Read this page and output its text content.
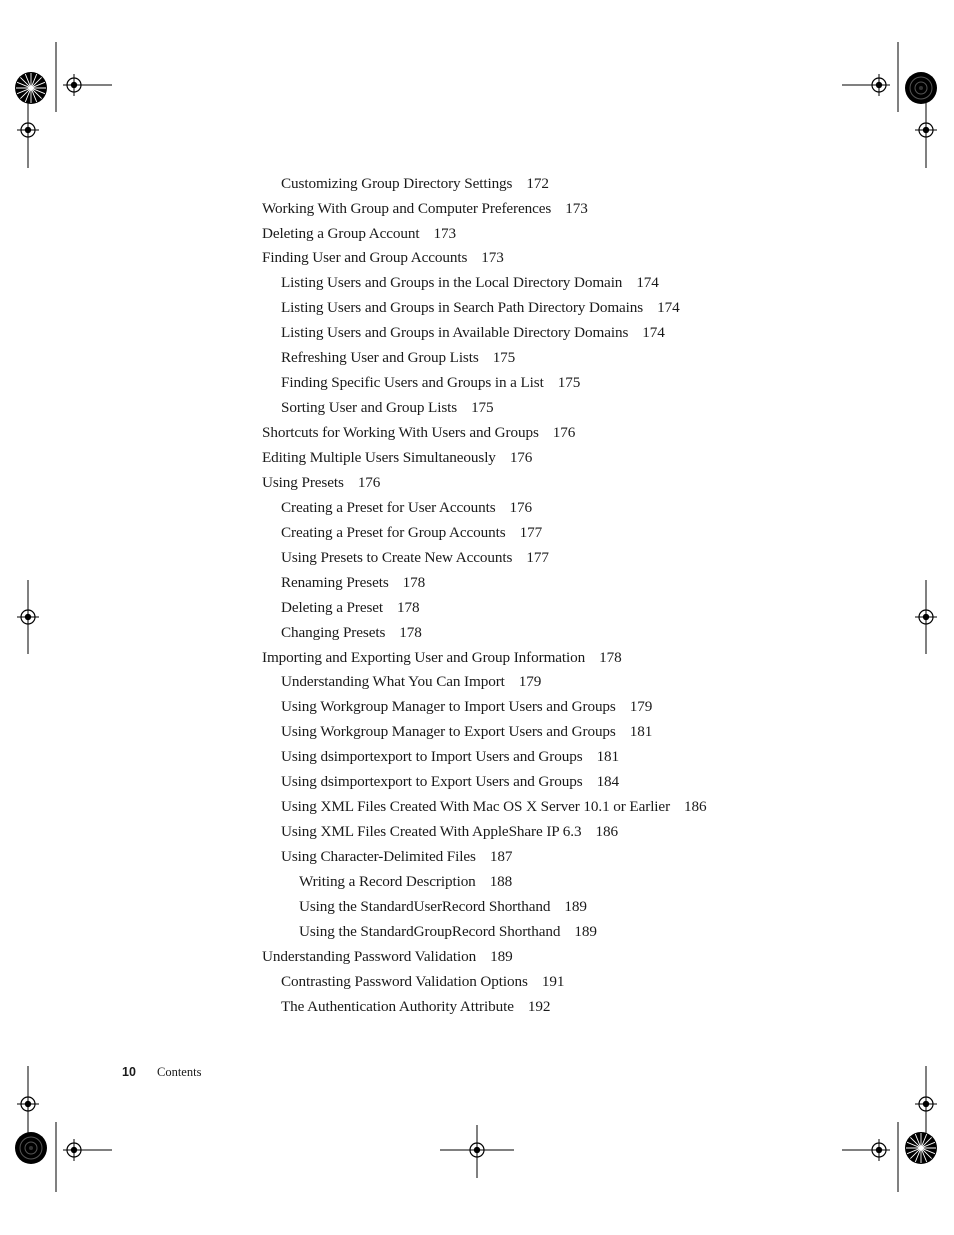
Customizing Group Directory Settings 172
Working With Group and Computer Preferences 173
Deleting a Group Account 173
Finding User and Group Accounts 173
Listing Users and Groups in the Local Directory Domain 174
Listing Users and Groups in Search Path Directory Domains 174
Listing Users and Groups in Available Directory Domains 174
Refreshing User and Group Lists 175
Finding Specific Users and Groups in a List 175
Sorting User and Group Lists 175
Shortcuts for Working With Users and Groups 176
Editing Multiple Users Simultaneously 176
Using Presets 176
Creating a Preset for User Accounts 176
Creating a Preset for Group Accounts 177
Using Presets to Create New Accounts 177
Renaming Presets 178
Deleting a Preset 178
Changing Presets 178
Importing and Exporting User and Group Information 178
Understanding What You Can Import 179
Using Workgroup Manager to Import Users and Groups 179
Using Workgroup Manager to Export Users and Groups 181
Using dsimportexport to Import Users and Groups 181
Using dsimportexport to Export Users and Groups 184
Using XML Files Created With Mac OS X Server 10.1 or Earlier 186
Using XML Files Created With AppleShare IP 6.3 186
Using Character-Delimited Files 187
Writing a Record Description 188
Using the StandardUserRecord Shorthand 189
Using the StandardGroupRecord Shorthand 189
Understanding Password Validation 189
Contrasting Password Validation Options 191
The Authentication Authority Attribute 192
10 Contents
